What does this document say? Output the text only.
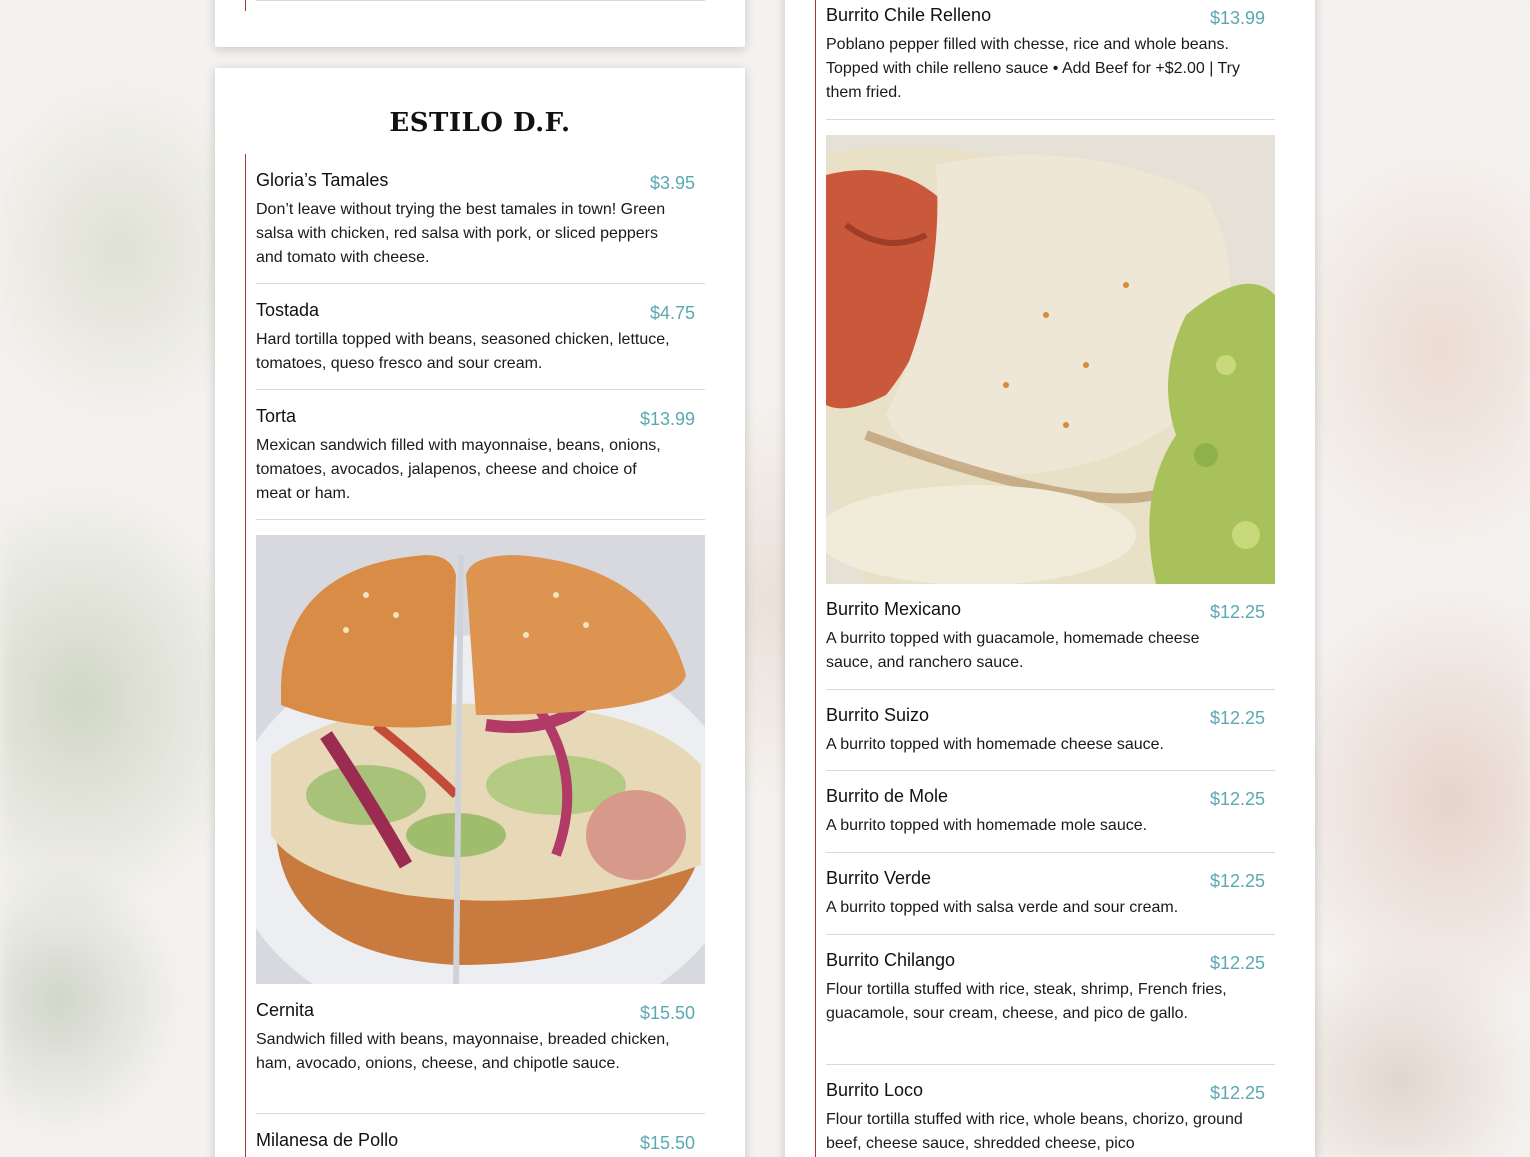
ESTILO D.F.
Gloria’s Tamales	$3.95
Don’t leave without trying the best tamales in town! Green salsa with chicken, red salsa with pork, or sliced peppers and tomato with cheese.
Tostada	$4.75
Hard tortilla topped with beans, seasoned chicken, lettuce, tomatoes, queso fresco and sour cream.
Torta	$13.99
Mexican sandwich filled with mayonnaise, beans, onions, tomatoes, avocados, jalapenos, cheese and choice of meat or ham.
Cernita	$15.50
Sandwich filled with beans, mayonnaise, breaded chicken, ham, avocado, onions, cheese, and chipotle sauce.
Milanesa de Pollo	$15.50
Burrito Chile Relleno	$13.99
Poblano pepper filled with chesse, rice and whole beans. Topped with chile relleno sauce • Add Beef for +$2.00 | Try them fried.
Burrito Mexicano	$12.25
A burrito topped with guacamole, homemade cheese sauce, and ranchero sauce.
Burrito Suizo	$12.25
A burrito topped with homemade cheese sauce.
Burrito de Mole	$12.25
A burrito topped with homemade mole sauce.
Burrito Verde	$12.25
A burrito topped with salsa verde and sour cream.
Burrito Chilango	$12.25
Flour tortilla stuffed with rice, steak, shrimp, French fries, guacamole, sour cream, cheese, and pico de gallo.
Burrito Loco	$12.25
Flour tortilla stuffed with rice, whole beans, chorizo, ground beef, cheese sauce, shredded cheese, pico
